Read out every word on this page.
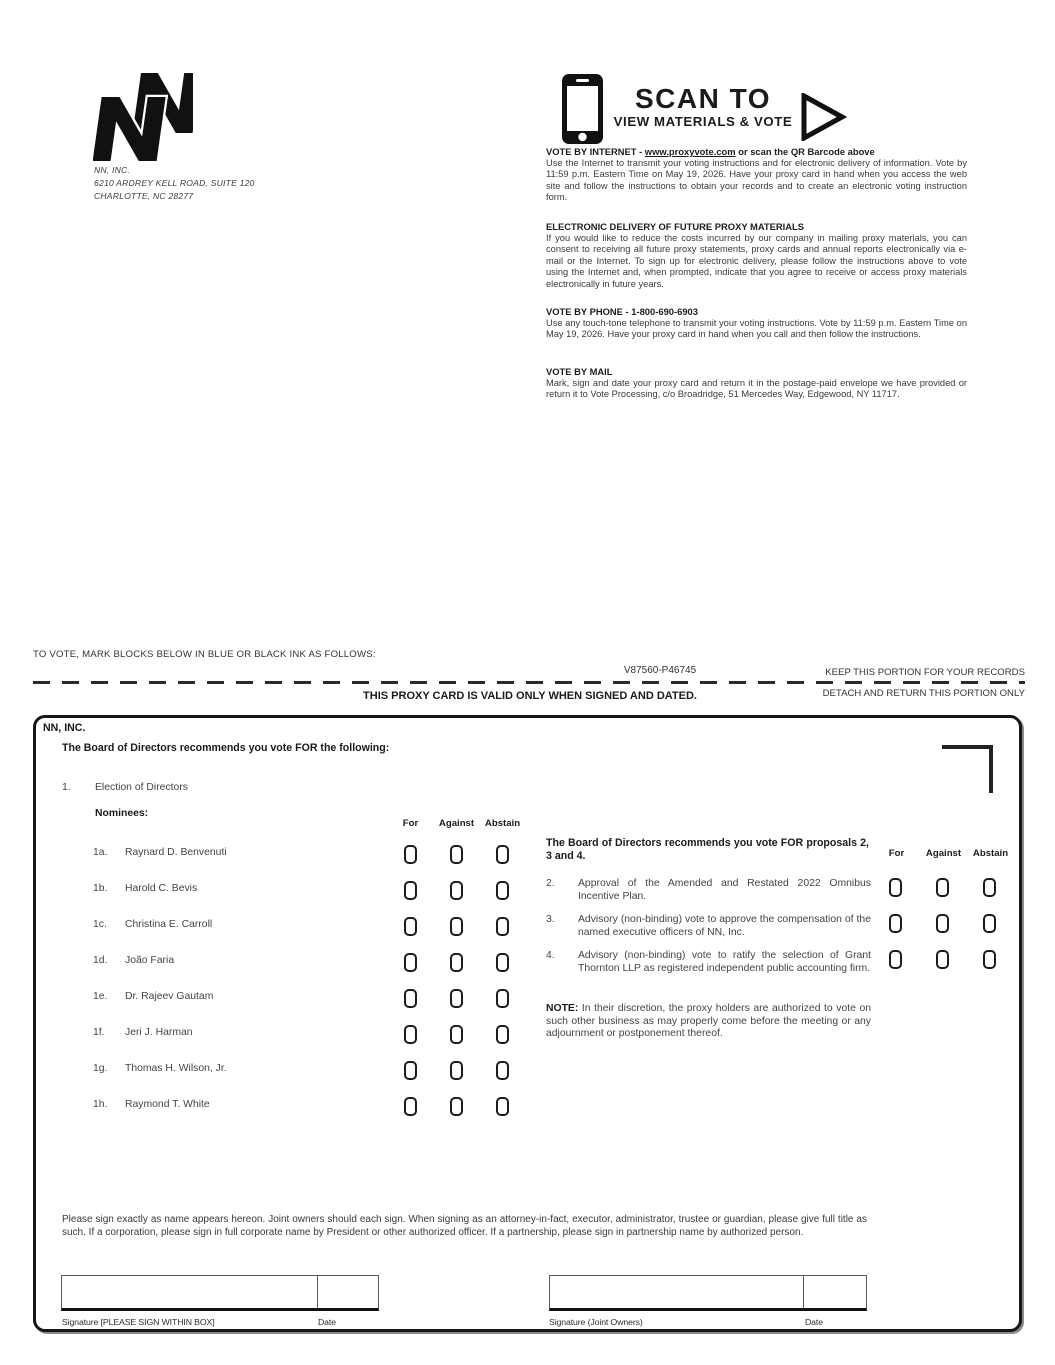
™
NN, INC.
6210 ARDREY KELL ROAD, SUITE 120
CHARLOTTE, NC 28277
SCAN TO
VIEW MATERIALS & VOTE
VOTE BY INTERNET - www.proxyvote.com or scan the QR Barcode above
Use the Internet to transmit your voting instructions and for electronic delivery of information. Vote by 11:59 p.m. Eastern Time on May 19, 2026. Have your proxy card in hand when you access the web site and follow the instructions to obtain your records and to create an electronic voting instruction form.
ELECTRONIC DELIVERY OF FUTURE PROXY MATERIALS
If you would like to reduce the costs incurred by our company in mailing proxy materials, you can consent to receiving all future proxy statements, proxy cards and annual reports electronically via e-mail or the Internet. To sign up for electronic delivery, please follow the instructions above to vote using the Internet and, when prompted, indicate that you agree to receive or access proxy materials electronically in future years.
VOTE BY PHONE - 1-800-690-6903
Use any touch-tone telephone to transmit your voting instructions. Vote by 11:59 p.m. Eastern Time on May 19, 2026. Have your proxy card in hand when you call and then follow the instructions.
VOTE BY MAIL
Mark, sign and date your proxy card and return it in the postage-paid envelope we have provided or return it to Vote Processing, c/o Broadridge, 51 Mercedes Way, Edgewood, NY 11717.
TO VOTE, MARK BLOCKS BELOW IN BLUE OR BLACK INK AS FOLLOWS:
V87560-P46745	KEEP THIS PORTION FOR YOUR RECORDS
THIS PROXY CARD IS VALID ONLY WHEN SIGNED AND DATED.	DETACH AND RETURN THIS PORTION ONLY
NN, INC.
The Board of Directors recommends you vote FOR the following:
1. Election of Directors
Nominees:
For	Against	Abstain
1a. Raynard D. Benvenuti
1b. Harold C. Bevis
1c. Christina E. Carroll
1d. João Faria
1e. Dr. Rajeev Gautam
1f. Jeri J. Harman
1g. Thomas H. Wilson, Jr.
1h. Raymond T. White
The Board of Directors recommends you vote FOR proposals 2, 3 and 4.	For	Against	Abstain
2. Approval of the Amended and Restated 2022 Omnibus Incentive Plan.
3. Advisory (non-binding) vote to approve the compensation of the named executive officers of NN, Inc.
4. Advisory (non-binding) vote to ratify the selection of Grant Thornton LLP as registered independent public accounting firm.
NOTE: In their discretion, the proxy holders are authorized to vote on such other business as may properly come before the meeting or any adjournment or postponement thereof.
Please sign exactly as name appears hereon. Joint owners should each sign. When signing as an attorney-in-fact, executor, administrator, trustee or guardian, please give full title as such. If a corporation, please sign in full corporate name by President or other authorized officer. If a partnership, please sign in partnership name by authorized person.
Signature [PLEASE SIGN WITHIN BOX]	Date	Signature (Joint Owners)	Date
